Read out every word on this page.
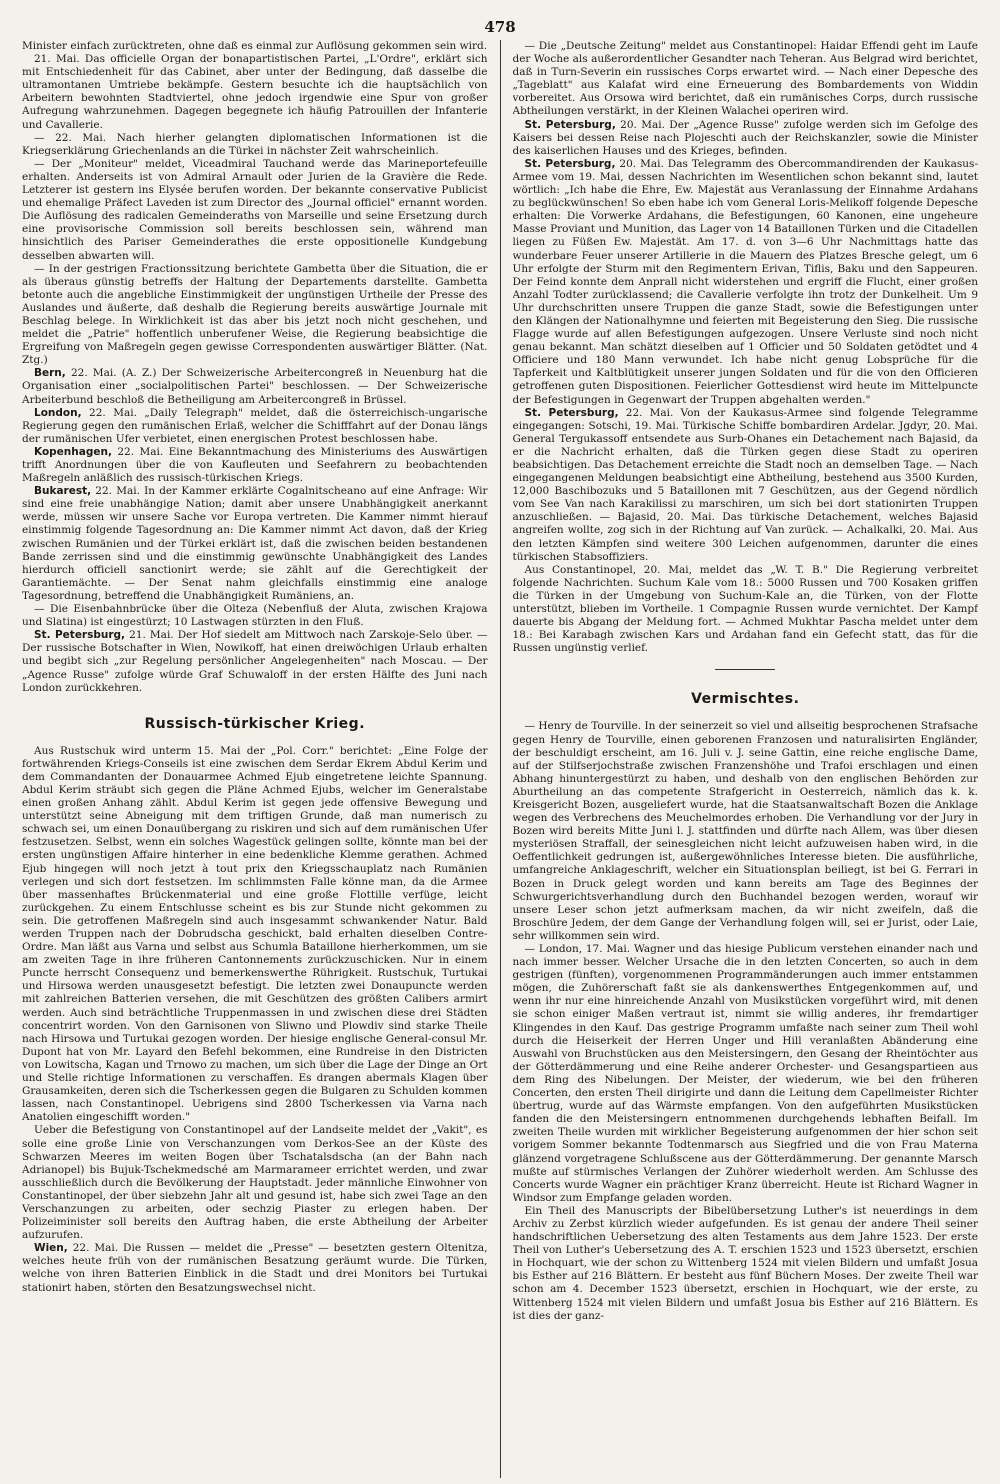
478

Minister einfach zurücktreten, ohne daß es einmal zur Auflösung gekommen sein wird.

21. Mai. Das officielle Organ der bonapartistischen Partei, „L'Ordre", erklärt sich mit Entschiedenheit für das Cabinet, aber unter der Bedingung, daß dasselbe die ultramontanen Umtriebe bekämpfe. Gestern besuchte ich die hauptsächlich von Arbeitern bewohnten Stadtviertel, ohne jedoch irgendwie eine Spur von großer Aufregung wahrzunehmen. Dagegen begegnete ich häufig Patrouillen der Infanterie und Cavallerie.

— 22. Mai. Nach hierher gelangten diplomatischen Informationen ist die Kriegserklärung Griechenlands an die Türkei in nächster Zeit wahrscheinlich.

— Der „Moniteur" meldet, Viceadmiral Tauchand werde das Marineportefeuille erhalten. Anderseits ist von Admiral Arnault oder Jurien de la Gravière die Rede. Letzterer ist gestern ins Elysée berufen worden. Der bekannte conservative Publicist und ehemalige Präfect Laveden ist zum Director des „Journal officiel" ernannt worden. Die Auflösung des radicalen Gemeinderaths von Marseille und seine Ersetzung durch eine provisorische Commission soll bereits beschlossen sein, während man hinsichtlich des Pariser Gemeinderathes die erste oppositionelle Kundgebung desselben abwarten will.

— In der gestrigen Fractionssitzung berichtete Gambetta über die Situation, die er als überaus günstig betreffs der Haltung der Departements darstellte. Gambetta betonte auch die angebliche Einstimmigkeit der ungünstigen Urtheile der Presse des Auslandes und äußerte, daß deshalb die Regierung bereits auswärtige Journale mit Beschlag belege. In Wirklichkeit ist das aber bis jetzt noch nicht geschehen, und meldet die „Patrie" hoffentlich unberufener Weise, die Regierung beabsichtige die Ergreifung von Maßregeln gegen gewisse Correspondenten auswärtiger Blätter. (Nat. Ztg.)

Bern, 22. Mai. (A. Z.) Der Schweizerische Arbeitercongreß in Neuenburg hat die Organisation einer „socialpolitischen Partei" beschlossen. — Der Schweizerische Arbeiterbund beschloß die Betheiligung am Arbeitercongreß in Brüssel.

London, 22. Mai. „Daily Telegraph" meldet, daß die österreichisch-ungarische Regierung gegen den rumänischen Erlaß, welcher die Schifffahrt auf der Donau längs der rumänischen Ufer verbietet, einen energischen Protest beschlossen habe.

Kopenhagen, 22. Mai. Eine Bekanntmachung des Ministeriums des Auswärtigen trifft Anordnungen über die von Kaufleuten und Seefahrern zu beobachtenden Maßregeln anläßlich des russisch-türkischen Kriegs.

Bukarest, 22. Mai. In der Kammer erklärte Cogalnitscheano auf eine Anfrage: Wir sind eine freie unabhängige Nation; damit aber unsere Unabhängigkeit anerkannt werde, müssen wir unsere Sache vor Europa vertreten. Die Kammer nimmt hierauf einstimmig folgende Tagesordnung an: Die Kammer nimmt Act davon, daß der Krieg zwischen Rumänien und der Türkei erklärt ist, daß die zwischen beiden bestandenen Bande zerrissen sind und die einstimmig gewünschte Unabhängigkeit des Landes hierdurch officiell sanctionirt werde; sie zählt auf die Gerechtigkeit der Garantiemächte. — Der Senat nahm gleichfalls einstimmig eine analoge Tagesordnung, betreffend die Unabhängigkeit Rumäniens, an.

— Die Eisenbahnbrücke über die Olteza (Nebenfluß der Aluta, zwischen Krajowa und Slatina) ist eingestürzt; 10 Lastwagen stürzten in den Fluß.

St. Petersburg, 21. Mai. Der Hof siedelt am Mittwoch nach Zarskoje-Selo über. — Der russische Botschafter in Wien, Nowikoff, hat einen dreiwöchigen Urlaub erhalten und begibt sich „zur Regelung persönlicher Angelegenheiten" nach Moscau. — Der „Agence Russe" zufolge würde Graf Schuwaloff in der ersten Hälfte des Juni nach London zurückkehren.

Russisch-türkischer Krieg.

Aus Rustschuk wird unterm 15. Mai der „Pol. Corr." berichtet: „Eine Folge der fortwährenden Kriegs-Conseils ist eine zwischen dem Serdar Ekrem Abdul Kerim und dem Commandanten der Donauarmee Achmed Ejub eingetretene leichte Spannung. Abdul Kerim sträubt sich gegen die Pläne Achmed Ejubs, welcher im Generalstabe einen großen Anhang zählt. Abdul Kerim ist gegen jede offensive Bewegung und unterstützt seine Abneigung mit dem triftigen Grunde, daß man numerisch zu schwach sei, um einen Donauübergang zu riskiren und sich auf dem rumänischen Ufer festzusetzen. Selbst, wenn ein solches Wagestück gelingen sollte, könnte man bei der ersten ungünstigen Affaire hinterher in eine bedenkliche Klemme gerathen. Achmed Ejub hingegen will noch jetzt à tout prix den Kriegsschauplatz nach Rumänien verlegen und sich dort festsetzen. Im schlimmsten Falle könne man, da die Armee über massenhaftes Brückenmaterial und eine große Flottille verfüge, leicht zurückgehen. Zu einem Entschlusse scheint es bis zur Stunde nicht gekommen zu sein. Die getroffenen Maßregeln sind auch insgesammt schwankender Natur. Bald werden Truppen nach der Dobrudscha geschickt, bald erhalten dieselben Contre-Ordre. Man läßt aus Varna und selbst aus Schumla Bataillone hierherkommen, um sie am zweiten Tage in ihre früheren Cantonnements zurückzuschicken. Nur in einem Puncte herrscht Consequenz und bemerkenswerthe Rührigkeit. Rustschuk, Turtukai und Hirsowa werden unausgesetzt befestigt. Die letzten zwei Donaupuncte werden mit zahlreichen Batterien versehen, die mit Geschützen des größten Calibers armirt werden. Auch sind beträchtliche Truppenmassen in und zwischen diese drei Städten concentrirt worden. Von den Garnisonen von Sliwno und Plowdiv sind starke Theile nach Hirsowa und Turtukai gezogen worden. Der hiesige englische General-consul Mr. Dupont hat von Mr. Layard den Befehl bekommen, eine Rundreise in den Districten von Lowitscha, Kagan und Trnowo zu machen, um sich über die Lage der Dinge an Ort und Stelle richtige Informationen zu verschaffen. Es drangen abermals Klagen über Grausamkeiten, deren sich die Tscherkessen gegen die Bulgaren zu Schulden kommen lassen, nach Constantinopel. Uebrigens sind 2800 Tscherkessen via Varna nach Anatolien eingeschifft worden."

Ueber die Befestigung von Constantinopel auf der Landseite meldet der „Vakit", es solle eine große Linie von Verschanzungen vom Derkos-See an der Küste des Schwarzen Meeres im weiten Bogen über Tschatalsdscha (an der Bahn nach Adrianopel) bis Bujuk-Tschekmedsché am Marmarameer errichtet werden, und zwar ausschließlich durch die Bevölkerung der Hauptstadt. Jeder männliche Einwohner von Constantinopel, der über siebzehn Jahr alt und gesund ist, habe sich zwei Tage an den Verschanzungen zu arbeiten, oder sechzig Piaster zu erlegen haben. Der Polizeiminister soll bereits den Auftrag haben, die erste Abtheilung der Arbeiter aufzurufen.

Wien, 22. Mai. Die Russen — meldet die „Presse" — besetzten gestern Oltenitza, welches heute früh von der rumänischen Besatzung geräumt wurde. Die Türken, welche von ihren Batterien Einblick in die Stadt und drei Monitors bei Turtukai stationirt haben, störten den Besatzungswechsel nicht.

— Die „Deutsche Zeitung" meldet aus Constantinopel: Haidar Effendi geht im Laufe der Woche als außerordentlicher Gesandter nach Teheran. Aus Belgrad wird berichtet, daß in Turn-Severin ein russisches Corps erwartet wird. — Nach einer Depesche des „Tageblatt" aus Kalafat wird eine Erneuerung des Bombardements von Widdin vorbereitet. Aus Orsowa wird berichtet, daß ein rumänisches Corps, durch russische Abtheilungen verstärkt, in der Kleinen Walachei operiren wird.

St. Petersburg, 20. Mai. Der „Agence Russe" zufolge werden sich im Gefolge des Kaisers bei dessen Reise nach Plojeschti auch der Reichskanzler, sowie die Minister des kaiserlichen Hauses und des Krieges, befinden.

St. Petersburg, 20. Mai. Das Telegramm des Obercommandirenden der Kaukasus-Armee vom 19. Mai, dessen Nachrichten im Wesentlichen schon bekannt sind, lautet wörtlich: „Ich habe die Ehre, Ew. Majestät aus Veranlassung der Einnahme Ardahans zu beglückwünschen! So eben habe ich vom General Loris-Melikoff folgende Depesche erhalten: Die Vorwerke Ardahans, die Befestigungen, 60 Kanonen, eine ungeheure Masse Proviant und Munition, das Lager von 14 Bataillonen Türken und die Citadellen liegen zu Füßen Ew. Majestät. Am 17. d. von 3—6 Uhr Nachmittags hatte das wunderbare Feuer unserer Artillerie in die Mauern des Platzes Bresche gelegt, um 6 Uhr erfolgte der Sturm mit den Regimentern Erivan, Tiflis, Baku und den Sappeuren. Der Feind konnte dem Anprall nicht widerstehen und ergriff die Flucht, einer großen Anzahl Todter zurücklassend; die Cavallerie verfolgte ihn trotz der Dunkelheit. Um 9 Uhr durchschritten unsere Truppen die ganze Stadt, sowie die Befestigungen unter den Klängen der Nationalhymne und feierten mit Begeisterung den Sieg. Die russische Flagge wurde auf allen Befestigungen aufgezogen. Unsere Verluste sind noch nicht genau bekannt. Man schätzt dieselben auf 1 Officier und 50 Soldaten getödtet und 4 Officiere und 180 Mann verwundet. Ich habe nicht genug Lobsprüche für die Tapferkeit und Kaltblütigkeit unserer jungen Soldaten und für die von den Officieren getroffenen guten Dispositionen. Feierlicher Gottesdienst wird heute im Mittelpuncte der Befestigungen in Gegenwart der Truppen abgehalten werden."

St. Petersburg, 22. Mai. Von der Kaukasus-Armee sind folgende Telegramme eingegangen: Sotschi, 19. Mai. Türkische Schiffe bombardiren Ardelar. Jgdyr, 20. Mai. General Tergukassoff entsendete aus Surb-Ohanes ein Detachement nach Bajasid, da er die Nachricht erhalten, daß die Türken gegen diese Stadt zu operiren beabsichtigen. Das Detachement erreichte die Stadt noch an demselben Tage. — Nach eingegangenen Meldungen beabsichtigt eine Abtheilung, bestehend aus 3500 Kurden, 12,000 Baschibozuks und 5 Bataillonen mit 7 Geschützen, aus der Gegend nördlich vom See Van nach Karakilissi zu marschiren, um sich bei dort stationirten Truppen anzuschließen. — Bajasid, 20. Mai. Das türkische Detachement, welches Bajasid angreifen wollte, zog sich in der Richtung auf Van zurück. — Achalkalki, 20. Mai. Aus den letzten Kämpfen sind weitere 300 Leichen aufgenommen, darunter die eines türkischen Stabsoffiziers.

Aus Constantinopel, 20. Mai, meldet das „W. T. B." Die Regierung verbreitet folgende Nachrichten. Suchum Kale vom 18.: 5000 Russen und 700 Kosaken griffen die Türken in der Umgebung von Suchum-Kale an, die Türken, von der Flotte unterstützt, blieben im Vortheile. 1 Compagnie Russen wurde vernichtet. Der Kampf dauerte bis Abgang der Meldung fort. — Achmed Mukhtar Pascha meldet unter dem 18.: Bei Karabagh zwischen Kars und Ardahan fand ein Gefecht statt, das für die Russen ungünstig verlief.

Vermischtes.

— Henry de Tourville. In der seinerzeit so viel und allseitig besprochenen Strafsache gegen Henry de Tourville, einen geborenen Franzosen und naturalisirten Engländer, der beschuldigt erscheint, am 16. Juli v. J. seine Gattin, eine reiche englische Dame, auf der Stilfserjochstraße zwischen Franzenshöhe und Trafoi erschlagen und einen Abhang hinuntergestürzt zu haben, und deshalb von den englischen Behörden zur Aburtheilung an das competente Strafgericht in Oesterreich, nämlich das k. k. Kreisgericht Bozen, ausgeliefert wurde, hat die Staatsanwaltschaft Bozen die Anklage wegen des Verbrechens des Meuchelmordes erhoben. Die Verhandlung vor der Jury in Bozen wird bereits Mitte Juni l. J. stattfinden und dürfte nach Allem, was über diesen mysteriösen Straffall, der seinesgleichen nicht leicht aufzuweisen haben wird, in die Oeffentlichkeit gedrungen ist, außergewöhnliches Interesse bieten. Die ausführliche, umfangreiche Anklageschrift, welcher ein Situationsplan beiliegt, ist bei G. Ferrari in Bozen in Druck gelegt worden und kann bereits am Tage des Beginnes der Schwurgerichtsverhandlung durch den Buchhandel bezogen werden, worauf wir unsere Leser schon jetzt aufmerksam machen, da wir nicht zweifeln, daß die Broschüre Jedem, der dem Gange der Verhandlung folgen will, sei er Jurist, oder Laie, sehr willkommen sein wird.

— London, 17. Mai. Wagner und das hiesige Publicum verstehen einander nach und nach immer besser. Welcher Ursache die in den letzten Concerten, so auch in dem gestrigen (fünften), vorgenommenen Programmänderungen auch immer entstammen mögen, die Zuhörerschaft faßt sie als dankenswerthes Entgegenkommen auf, und wenn ihr nur eine hinreichende Anzahl von Musikstücken vorgeführt wird, mit denen sie schon einiger Maßen vertraut ist, nimmt sie willig anderes, ihr fremdartiger Klingendes in den Kauf. Das gestrige Programm umfaßte nach seiner zum Theil wohl durch die Heiserkeit der Herren Unger und Hill veranlaßten Abänderung eine Auswahl von Bruchstücken aus den Meistersingern, den Gesang der Rheintöchter aus der Götterdämmerung und eine Reihe anderer Orchester- und Gesangspartieen aus dem Ring des Nibelungen. Der Meister, der wiederum, wie bei den früheren Concerten, den ersten Theil dirigirte und dann die Leitung dem Capellmeister Richter übertrug, wurde auf das Wärmste empfangen. Von den aufgeführten Musikstücken fanden die den Meistersingern entnommenen durchgehends lebhaften Beifall. Im zweiten Theile wurden mit wirklicher Begeisterung aufgenommen der hier schon seit vorigem Sommer bekannte Todtenmarsch aus Siegfried und die von Frau Materna glänzend vorgetragene Schlußscene aus der Götterdämmerung. Der genannte Marsch mußte auf stürmisches Verlangen der Zuhörer wiederholt werden. Am Schlusse des Concerts wurde Wagner ein prächtiger Kranz überreicht. Heute ist Richard Wagner in Windsor zum Empfange geladen worden.

Ein Theil des Manuscripts der Bibelübersetzung Luther's ist neuerdings in dem Archiv zu Zerbst kürzlich wieder aufgefunden. Es ist genau der andere Theil seiner handschriftlichen Uebersetzung des alten Testaments aus dem Jahre 1523. Der erste Theil von Luther's Uebersetzung des A. T. erschien 1523 und 1523 übersetzt, erschien in Hochquart, wie der schon zu Wittenberg 1524 mit vielen Bildern und umfaßt Josua bis Esther auf 216 Blättern. Er besteht aus fünf Büchern Moses. Der zweite Theil war schon am 4. December 1523 übersetzt, erschien in Hochquart, wie der erste, zu Wittenberg 1524 mit vielen Bildern und umfaßt Josua bis Esther auf 216 Blättern. Es ist dies der ganz-
